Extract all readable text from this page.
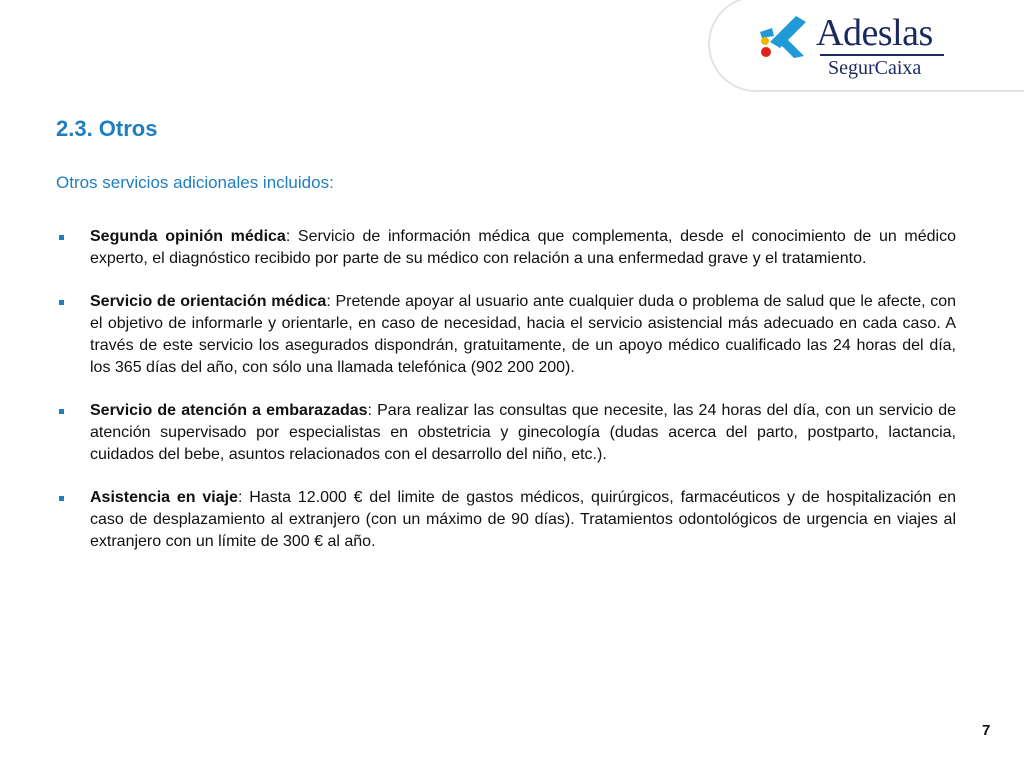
Adeslas
SegurCaixa
2.3. Otros

Otros servicios adicionales incluidos:

Segunda opinión médica: Servicio de información médica que complementa, desde el conocimiento de un médico experto, el diagnóstico recibido por parte de su médico con relación a una enfermedad grave y el tratamiento.
Servicio de orientación médica: Pretende apoyar al usuario ante cualquier duda o problema de salud que le afecte, con el objetivo de informarle y orientarle, en caso de necesidad, hacia el servicio asistencial más adecuado en cada caso. A través de este servicio los asegurados dispondrán, gratuitamente, de un apoyo médico cualificado las 24 horas del día, los 365 días del año, con sólo una llamada telefónica (902 200 200).
Servicio de atención a embarazadas: Para realizar las consultas que necesite, las 24 horas del día, con un servicio de atención supervisado por especialistas en obstetricia y ginecología (dudas acerca del parto, postparto, lactancia, cuidados del bebe, asuntos relacionados con el desarrollo del niño, etc.).
Asistencia en viaje: Hasta 12.000 € del limite de gastos médicos, quirúrgicos, farmacéuticos y de hospitalización en caso de desplazamiento al extranjero (con un máximo de 90 días). Tratamientos odontológicos de urgencia en viajes al extranjero con un límite de 300 € al año.
7
